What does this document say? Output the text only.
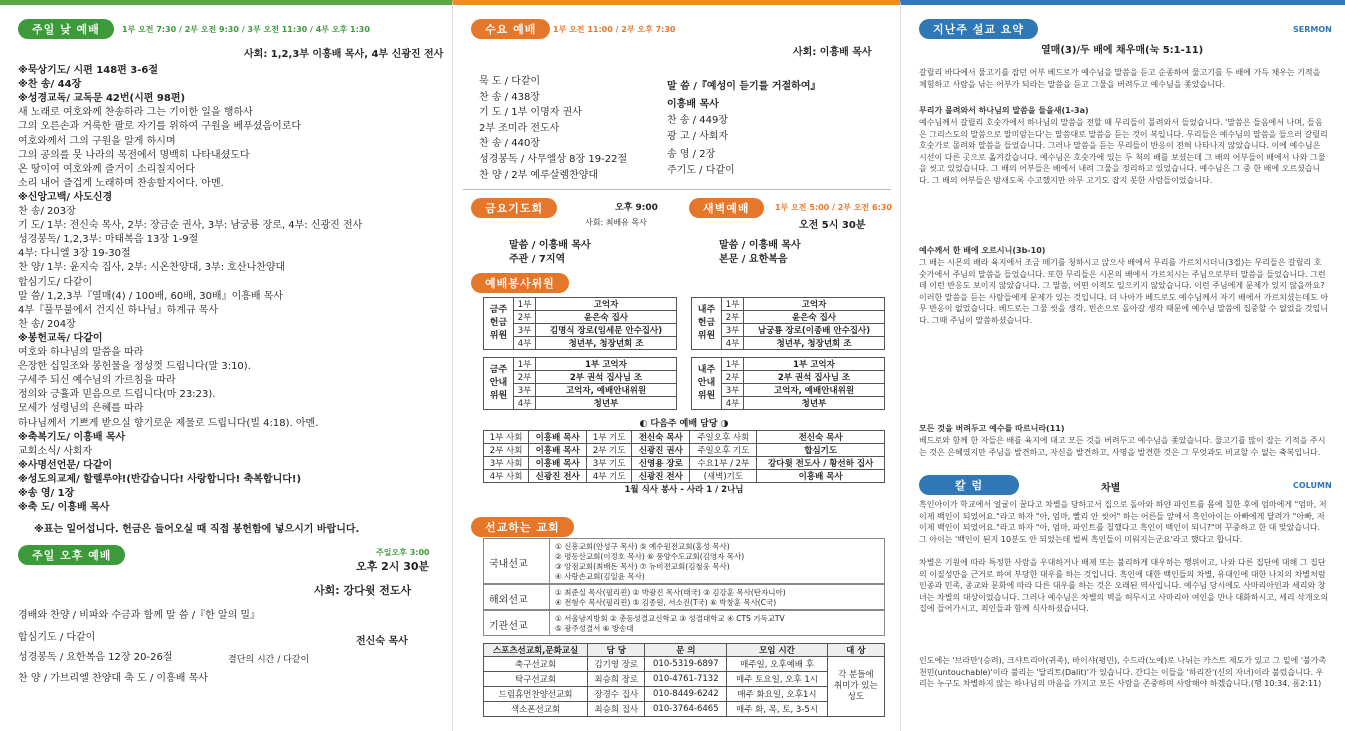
주일 낮 예배	1부 오전 7:30 / 2부 오전 9:30 / 3부 오전 11:30 / 4부 오후 1:30
사회: 1,2,3부 이흥배 목사, 4부 신광진 전사
※묵상기도/ 시편 148편 3-6절
※찬 송/ 44장
※성경교독/ 교독문 42번(시편 98편)
새 노래로 여호와께 찬송하라 그는 기이한 일을 행하사
그의 오른손과 거룩한 팔로 자기를 위하여 구원을 베푸셨음이로다
여호와께서 그의 구원을 알게 하시며
그의 공의를 뭇 나라의 목전에서 명백히 나타내셨도다
온 땅이여 여호와께 즐거이 소리칠지어다
소리 내어 즐겁게 노래하며 찬송할지어다. 아멘.
※신앙고백/ 사도신경
찬 송/ 203장
기 도/ 1부: 전신숙 목사, 2부: 장금순 권사, 3부: 남궁룡 장로, 4부: 신광진 전사
성경봉독/ 1,2,3부: 마태복음 13장 1-9절
4부: 다니엘 3장 19-30절
찬 양/ 1부: 윤지숙 집사, 2부: 시온찬양대, 3부: 호산나찬양대
합심기도/ 다같이
말 씀/ 1,2,3부『열매(4) / 100배, 60배, 30배』이흥배 목사
4부『풀무불에서 건지신 하나님』하계규 목사
찬 송/ 204장
※봉헌교독/ 다같이
여호와 하나님의 말씀을 따라
은장한 십일조와 봉헌물을 정성껏 드립니다(말 3:10).
구세주 되신 예수님의 가르침을 따라
정의와 긍휼과 믿음으로 드립니다(마 23:23).
모세가 성령님의 은혜를 따라
하나님께서 기쁘게 받으실 향기로운 제물로 드립니다(빌 4:18). 아멘.
※축복기도/ 이흥배 목사
교회소식/ 사회자
※사명선언문/ 다같이
※성도의교제/ 할렐루야!(반갑습니다! 사랑합니다! 축복합니다!)
※송 영/ 1장
※축 도/ 이흥배 목사
※표는 일어섭니다. 헌금은 들어오실 때 직접 봉헌함에 넣으시기 바랍니다.
주일 오후 예배	주일오후 3:00
오후 2시 30분
사회: 강다윗 전도사
경배와 찬양 / 비파와 수금과 함께 말 씀 /『한 알의 밀』
합심기도 / 다같이	전신숙 목사
성경봉독 / 요한복음 12장 20-26절	결단의 시간 / 다같이
찬 양 / 가브리엘 찬양대 축 도 / 이흥배 목사
수요 예배	1부 오전 11:00 / 2부 오후 7:30
사회: 이흥배 목사
묵 도 / 다같이
찬 송 / 438장
기 도 / 1부 이명자 권사
2부 조미라 전도사
찬 송 / 440장
성경봉독 / 사무엘상 8장 19-22절
찬 양 / 2부 예루살렘찬양대
말 씀 /『예성이 듣기를 거절하여』
이흥배 목사
찬 송 / 449장
광 고 / 사회자
송 영 / 2장
주기도 / 다같이
금요기도회	오후 9:00
사회: 최배유 목사
말씀 / 이흥배 목사
주관 / 7지역
새벽예배	1부 오전 5:00 / 2부 오전 6:30
오전 5시 30분
말씀 / 이흥배 목사
본문 / 요한복음
예배봉사위원
금주
헌금
위원	1부	고억자
	2부	윤은숙 집사
	3부	김명식 장로(임세문 안수집사)
	4부	청년부, 청장년회 조
내주
헌금
위원	1부	고억자
	2부	윤은숙 집사
	3부	남궁룡 장로(이종배 안수집사)
	4부	청년부, 청장년회 조
금주
안내
위원	1부	1부 고억자
	2부	2부 권석 집사님 조
	3부	고억자, 예배안내위원
	4부	청년부
내주
안내
위원	1부	1부 고억자
	2부	2부 권석 집사님 조
	3부	고억자, 예배안내위원
	4부	청년부
◐ 다음주 예배 담당 ◑					
1부 사회	이흥배 목사	1부 기도	전신숙 목사	주일오후 사회	전신숙 목사
2부 사회	이흥배 목사	2부 기도	신광진 권사	주일오후 기도	합심기도
3부 사회	이흥배 목사	3부 기도	신영용 장로	수요1부 / 2부	강다윗 전도사 / 황선하 집사
4부 사회	신광진 전사	4부 기도	신광진 전사	(새벽)기도	이흥배 목사
1월 식사 봉사 - 사라 1 / 2나님					
선교하는 교회
국내선교
① 신흥교회(안성구 목사) ⑤ 예수원전교회(홍성 목사)
② 평동산교회(이정호 목사) ⑥ 풍양수도교회(김영자 목사)
③ 앙점교회(최배돈 목사) ⑦ 뉴비젼교회(김철웅 목사)
④ 사랑손교회(김일윤 목사)
해외선교
① 최준실 목사(필리핀) ② 박광진 목사(태국) ③ 김강훈 목사(탄자니아)
④ 전형수 목사(필리핀) ⑤ 김종원, 서소진(T국) ⑥ 박창훈 목사(C국)
기관선교
① 서울남지방회 ② 총동성결교신학교 ③ 성결대학교 ④ CTS 기독교TV
⑤ 광주성결서 ⑥ 방송대
스포츠선교회,문화교실	담 당	문 의	모임 시간	대 상
축구선교회	김기영 장로	010-5319-6897	매주일, 오후예배 후	각 분들에
취미가 있는
성도
탁구선교회	최승희 장로	010-4761-7132	매주 토요일, 오후 1시	
드림휴먼찬양선교회	장경수 집사	010-8449-6242	매주 화요일, 오후1시	
색소폰선교회	최승희 집사	010-3764-6465	매주 화, 목, 토, 3-5시	
지난주 설교 요약	SERMON
열매(3)/두 배에 채우매(눅 5:1-11)
갈릴리 바다에서 물고기를 잡던 어부 베드로가 예수님을 말씀을 듣고 순종하여 물고기를 두 배에 가득 채우는 기적을 체험하고 사람을 낚는 어부가 되라는 말씀을 듣고 그물을 버려두고 예수님을 좇았습니다.
무리가 몰려와서 하나님의 말씀을 들을새(1-3a)
예수님께서 갈릴리 호숫가에서 하나님의 말씀을 전할 때 무리들이 몰려와서 들었습니다. '말씀은 들음에서 나며, 들음은 그리스도의 말씀으로 말미암는다'는 말씀대로 말씀을 듣는 것이 복입니다. 무리들은 예수님의 말씀을 들으러 갈릴리 호숫가로 몰려와 말씀을 들었습니다. 그러나 말씀을 듣는 무리들이 반응이 전혀 나타나지 않았습니다. 이에 예수님은 시선이 다른 곳으로 옮겨갔습니다. 예수님은 호숫가에 있는 두 척의 배를 보셨는데 그 배의 어부들이 배에서 나와 그물을 씻고 있었습니다. 그 배의 어부들은 배에서 내려 그물을 정리하고 있었습니다. 예수님은 그 중 한 배에 오르셨습니다. 그 배의 어부들은 밤새도록 수고했지만 아무 고기도 잡지 못한 사람들이었습니다.
예수께서 한 배에 오르시니(3b-10)
그 배는 시몬의 배라 육지에서 조금 떼기를 청하시고 앉으사 배에서 무리를 가르치시더니(3절)는 무리들은 갈릴리 호숫가에서 주님의 말씀을 들었습니다. 또한 무리들은 시몬의 배에서 가르치시는 주님으로부터 말씀을 들었습니다. 그런데 이런 반응도 보이지 않았습니다. 그 말씀, 어떤 이적도 일으키지 않았습니다. 이런 주님에게 문제가 있지 않을까요? 이러한 말씀을 듣는 사람들에게 문제가 있는 것입니다. 더 나아가 베드로도 예수님께서 자기 배에서 가르치셨는데도 아무 반응이 없었습니다. 베드로는 그물 씻을 생각, 빈손으로 돌아갈 생각 때문에 예수님 말씀에 집중할 수 없었을 것입니다. 그때 주님이 말씀하셨습니다.
모든 것을 버려두고 예수를 따르니라(11)
베드로와 함께 한 자들은 배를 육지에 대고 모든 것을 버려두고 예수님을 좇았습니다. 물고기를 많이 잡는 기적을 주시는 것은 은혜였지만 주님을 발견하고, 자신을 발견하고, 사명을 발견한 것은 그 무엇과도 비교할 수 없는 축복입니다.
칼 럼	COLUMN
차별
흑인아이가 학교에서 얼굴이 꿀다고 차별을 당하고서 집으로 돌아와 하얀 파인트를 몸에 칠한 후에 엄마에게 "엄마, 저 이제 백인이 되었어요."라고 하자 "아, 엄마, 빨리 안 씻어" 하는 어른들 앞에서 흑인아이는 아빠에게 달려가 "아빠, 저 이제 백인이 되었어요."라고 하자 "아, 엄마, 파인트를 칠했다고 흑인이 백인이 되니?"며 꾸중하고 한 대 맞았습니다. 그 아이는 '백인이 된지 10분도 안 되었는데 벌써 흑인들이 미워지는군요'라고 했다고 합니다.
차별은 기원에 따라 특정한 사람을 우대하거나 배제 또는 불리하게 대우하는 행위이고, 나와 다른 집단에 대해 그 집단의 이질성만을 근거로 하여 부당한 대우를 하는 것입니다. 흑인에 대한 백인들의 차별, 유대인에 대한 나치의 차별처럼 인종과 민족, 종교와 문화에 따라 다른 대우를 하는 것은 오래된 역사입니다. 예수님 당시에도 사마리아인과 세리와 창녀는 차별의 대상이었습니다. 그러나 예수님은 차별의 벽을 허무시고 사마리아 여인을 만나 대화하시고, 세리 삭개오의 집에 들어가시고, 죄인들과 함께 식사하셨습니다.
인도에는 '브라만'(승려), 크샤트리아(귀족), 바이샤(평민), 수드라(노예)로 나뉘는 카스트 제도가 있고 그 밑에 '불가촉천민(untouchable)'이라 불리는 '달리트(Dalit)'가 있습니다. 간디는 이들을 '하리잔'(신의 자녀)이라 불렀습니다. 우리는 누구도 차별하지 않는 하나님의 마음을 가지고 모든 사람을 존중하며 사랑해야 하겠습니다.(행 10:34, 롬2:11)
